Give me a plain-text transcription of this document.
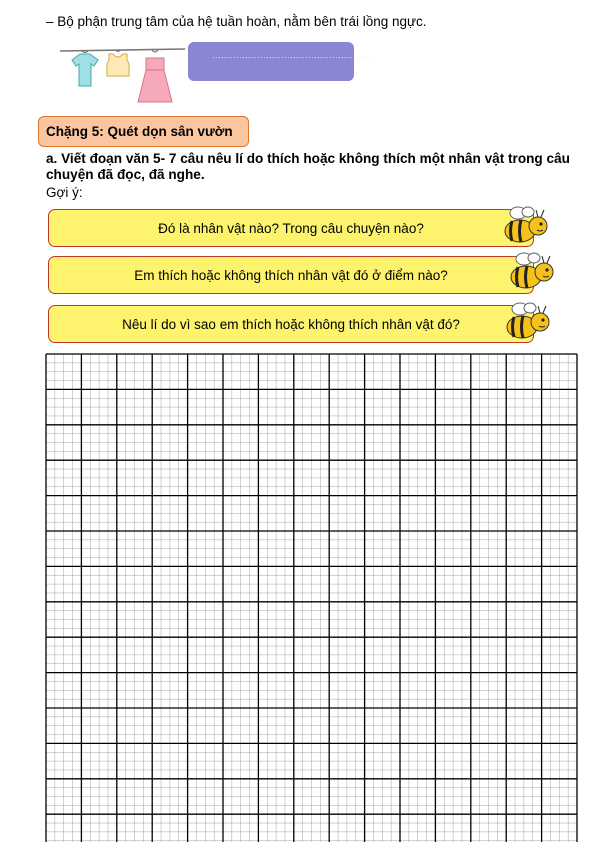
– Bộ phận trung tâm của hệ tuần hoàn, nằm bên trái lồng ngực.
......................................................
Chặng 5: Quét dọn sân vườn
a. Viết đoạn văn 5- 7 câu nêu lí do thích hoặc không thích một nhân vật trong câu chuyện đã đọc, đã nghe.
Gợi ý:
Đó là nhân vật nào? Trong câu chuyện nào?
Em thích hoặc không thích nhân vật đó ở điểm nào?
Nêu lí do vì sao em thích hoặc không thích nhân vật đó?
